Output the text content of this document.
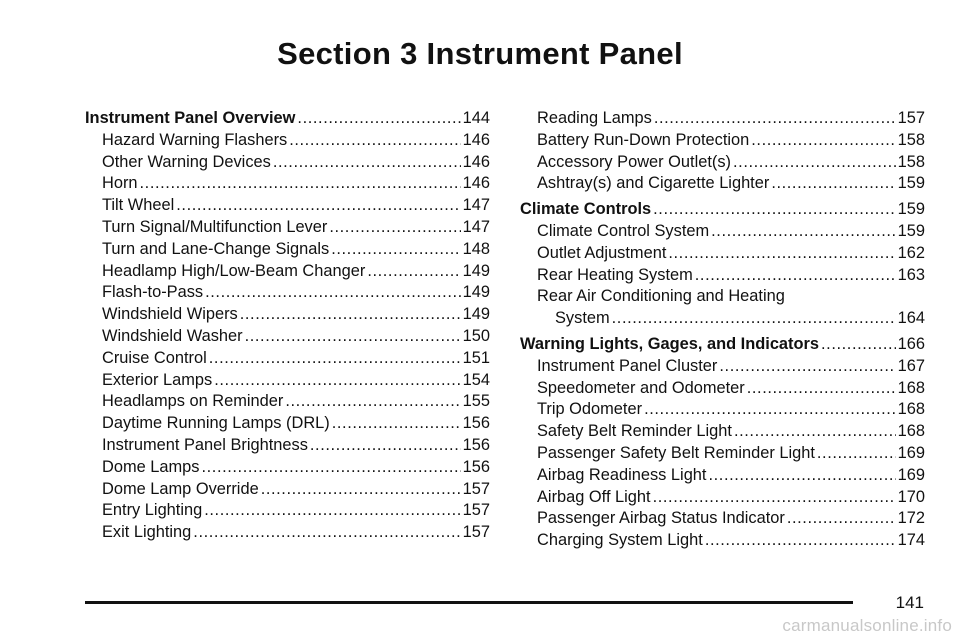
Section 3 Instrument Panel
Instrument Panel Overview .....	144
Hazard Warning Flashers .....	146
Other Warning Devices .....	146
Horn .....	146
Tilt Wheel .....	147
Turn Signal/Multifunction Lever .....	147
Turn and Lane-Change Signals .....	148
Headlamp High/Low-Beam Changer .....	149
Flash-to-Pass .....	149
Windshield Wipers .....	149
Windshield Washer .....	150
Cruise Control .....	151
Exterior Lamps .....	154
Headlamps on Reminder .....	155
Daytime Running Lamps (DRL) .....	156
Instrument Panel Brightness .....	156
Dome Lamps .....	156
Dome Lamp Override .....	157
Entry Lighting .....	157
Exit Lighting .....	157
Reading Lamps .....	157
Battery Run-Down Protection .....	158
Accessory Power Outlet(s) .....	158
Ashtray(s) and Cigarette Lighter .....	159
Climate Controls .....	159
Climate Control System .....	159
Outlet Adjustment .....	162
Rear Heating System .....	163
Rear Air Conditioning and Heating
System .....	164
Warning Lights, Gages, and Indicators .....	166
Instrument Panel Cluster .....	167
Speedometer and Odometer .....	168
Trip Odometer .....	168
Safety Belt Reminder Light .....	168
Passenger Safety Belt Reminder Light .....	169
Airbag Readiness Light .....	169
Airbag Off Light .....	170
Passenger Airbag Status Indicator .....	172
Charging System Light .....	174
141
carmanualsonline.info
